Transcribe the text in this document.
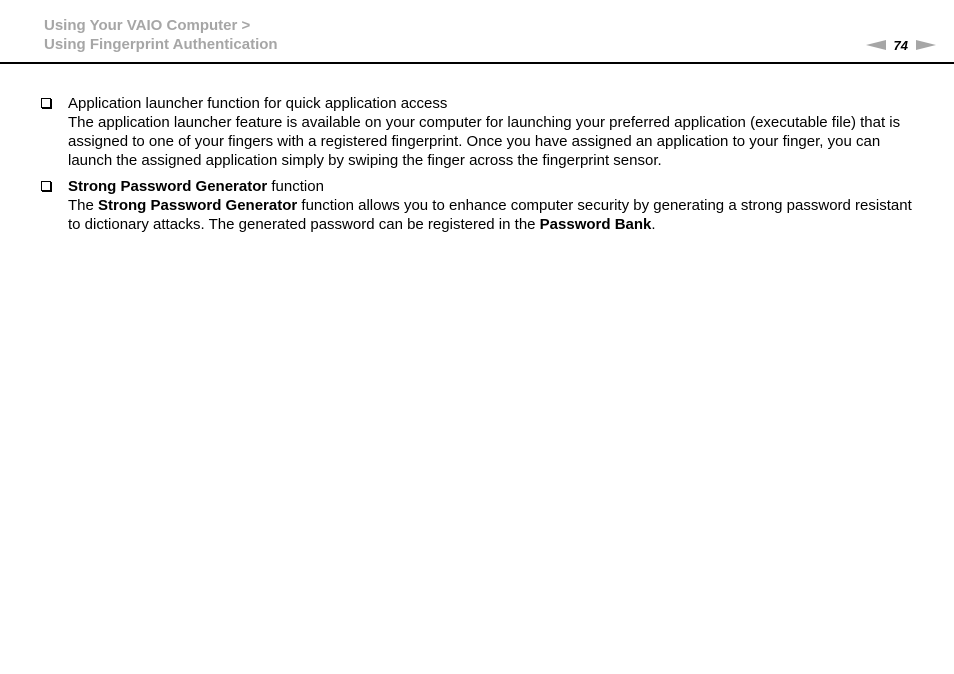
Using Your VAIO Computer >
Using Fingerprint Authentication	74

Application launcher function for quick application access

The application launcher feature is available on your computer for launching your preferred application (executable file) that is assigned to one of your fingers with a registered fingerprint. Once you have assigned an application to your finger, you can launch the assigned application simply by swiping the finger across the fingerprint sensor.

Strong Password Generator function

The Strong Password Generator function allows you to enhance computer security by generating a strong password resistant to dictionary attacks. The generated password can be registered in the Password Bank.
